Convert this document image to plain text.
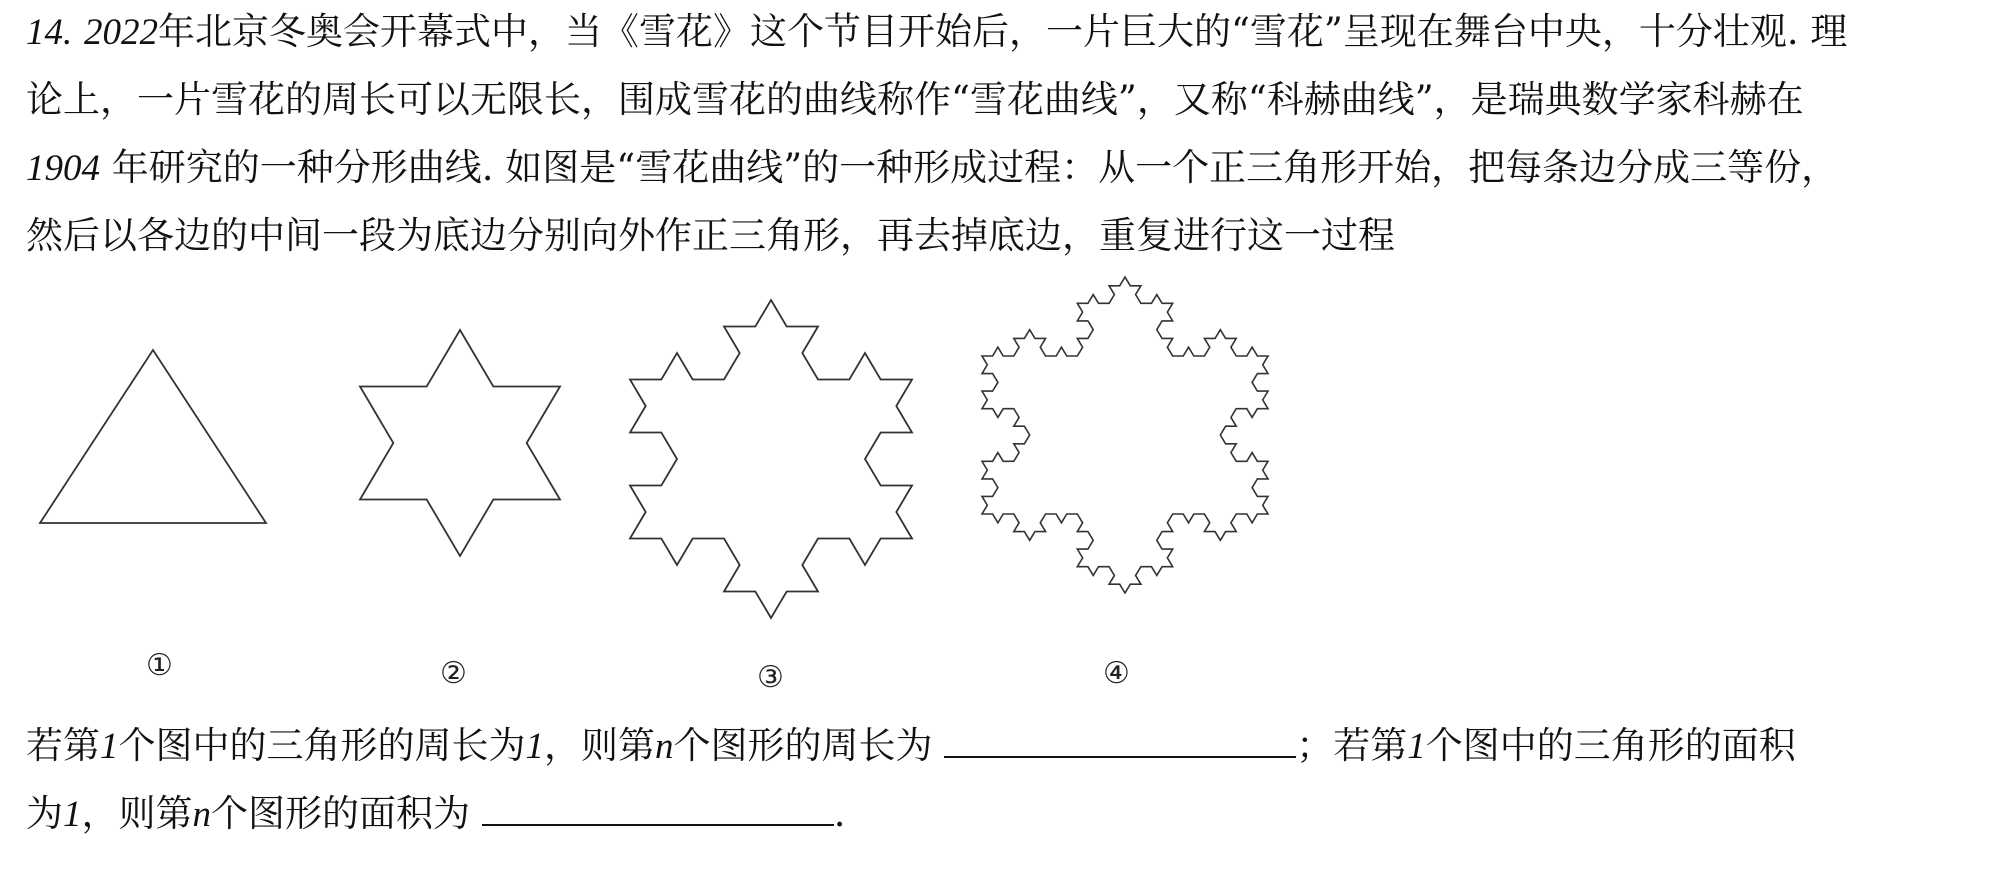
14. 2022年北京冬奥会开幕式中，当《雪花》这个节目开始后，一片巨大的“雪花”呈现在舞台中央，十分壮观. 理
论上，一片雪花的周长可以无限长，围成雪花的曲线称作“雪花曲线”，又称“科赫曲线”，是瑞典数学家科赫在
1904 年研究的一种分形曲线. 如图是“雪花曲线”的一种形成过程：从一个正三角形开始，把每条边分成三等份，
然后以各边的中间一段为底边分别向外作正三角形，再去掉底边，重复进行这一过程
①	②	③	④
若第1个图中的三角形的周长为1，则第n个图形的周长为	；若第1个图中的三角形的面积
为1，则第n个图形的面积为	.
